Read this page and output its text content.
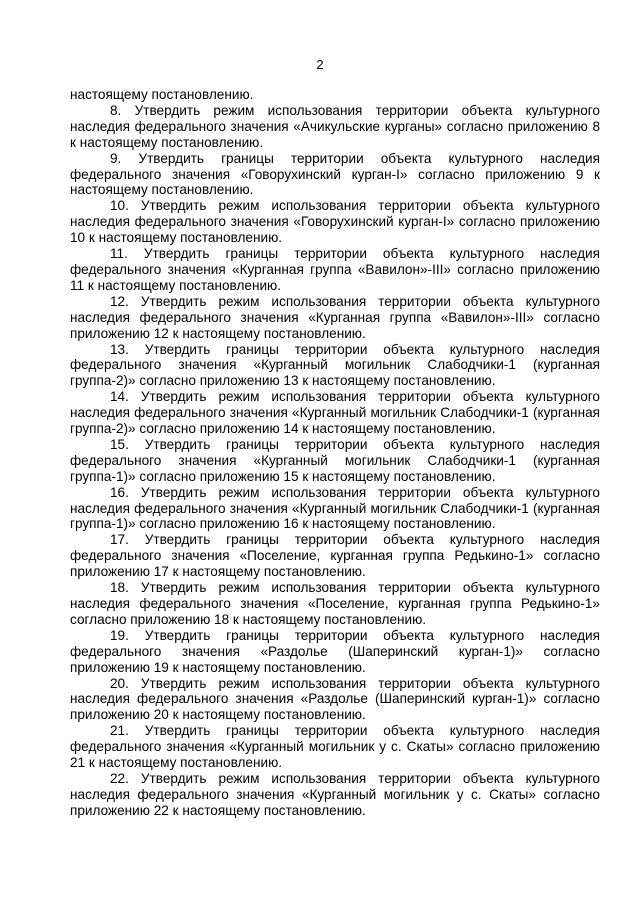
2

настоящему постановлению.

8. Утвердить режим использования территории объекта культурного наследия федерального значения «Ачикульские курганы» согласно приложению 8 к настоящему постановлению.

9. Утвердить границы территории объекта культурного наследия федерального значения «Говорухинский курган-I» согласно приложению 9 к настоящему постановлению.

10. Утвердить режим использования территории объекта культурного наследия федерального значения «Говорухинский курган-I» согласно приложению 10 к настоящему постановлению.

11. Утвердить границы территории объекта культурного наследия федерального значения «Курганная группа «Вавилон»-III» согласно приложению 11 к настоящему постановлению.

12. Утвердить режим использования территории объекта культурного наследия федерального значения «Курганная группа «Вавилон»-III» согласно приложению 12 к настоящему постановлению.

13. Утвердить границы территории объекта культурного наследия федерального значения «Курганный могильник Слабодчики-1 (курганная группа-2)» согласно приложению 13 к настоящему постановлению.

14. Утвердить режим использования территории объекта культурного наследия федерального значения «Курганный могильник Слабодчики-1 (курганная группа-2)» согласно приложению 14 к настоящему постановлению.

15. Утвердить границы территории объекта культурного наследия федерального значения «Курганный могильник Слабодчики-1 (курганная группа-1)» согласно приложению 15 к настоящему постановлению.

16. Утвердить режим использования территории объекта культурного наследия федерального значения «Курганный могильник Слабодчики-1 (курганная группа-1)» согласно приложению 16 к настоящему постановлению.

17. Утвердить границы территории объекта культурного наследия федерального значения «Поселение, курганная группа Редькино-1» согласно приложению 17 к настоящему постановлению.

18. Утвердить режим использования территории объекта культурного наследия федерального значения «Поселение, курганная группа Редькино-1» согласно приложению 18 к настоящему постановлению.

19. Утвердить границы территории объекта культурного наследия федерального значения «Раздолье (Шаперинский курган-1)» согласно приложению 19 к настоящему постановлению.

20. Утвердить режим использования территории объекта культурного наследия федерального значения «Раздолье (Шаперинский курган-1)» согласно приложению 20 к настоящему постановлению.

21. Утвердить границы территории объекта культурного наследия федерального значения «Курганный могильник у с. Скаты» согласно приложению 21 к настоящему постановлению.

22. Утвердить режим использования территории объекта культурного наследия федерального значения «Курганный могильник у с. Скаты» согласно приложению 22 к настоящему постановлению.
